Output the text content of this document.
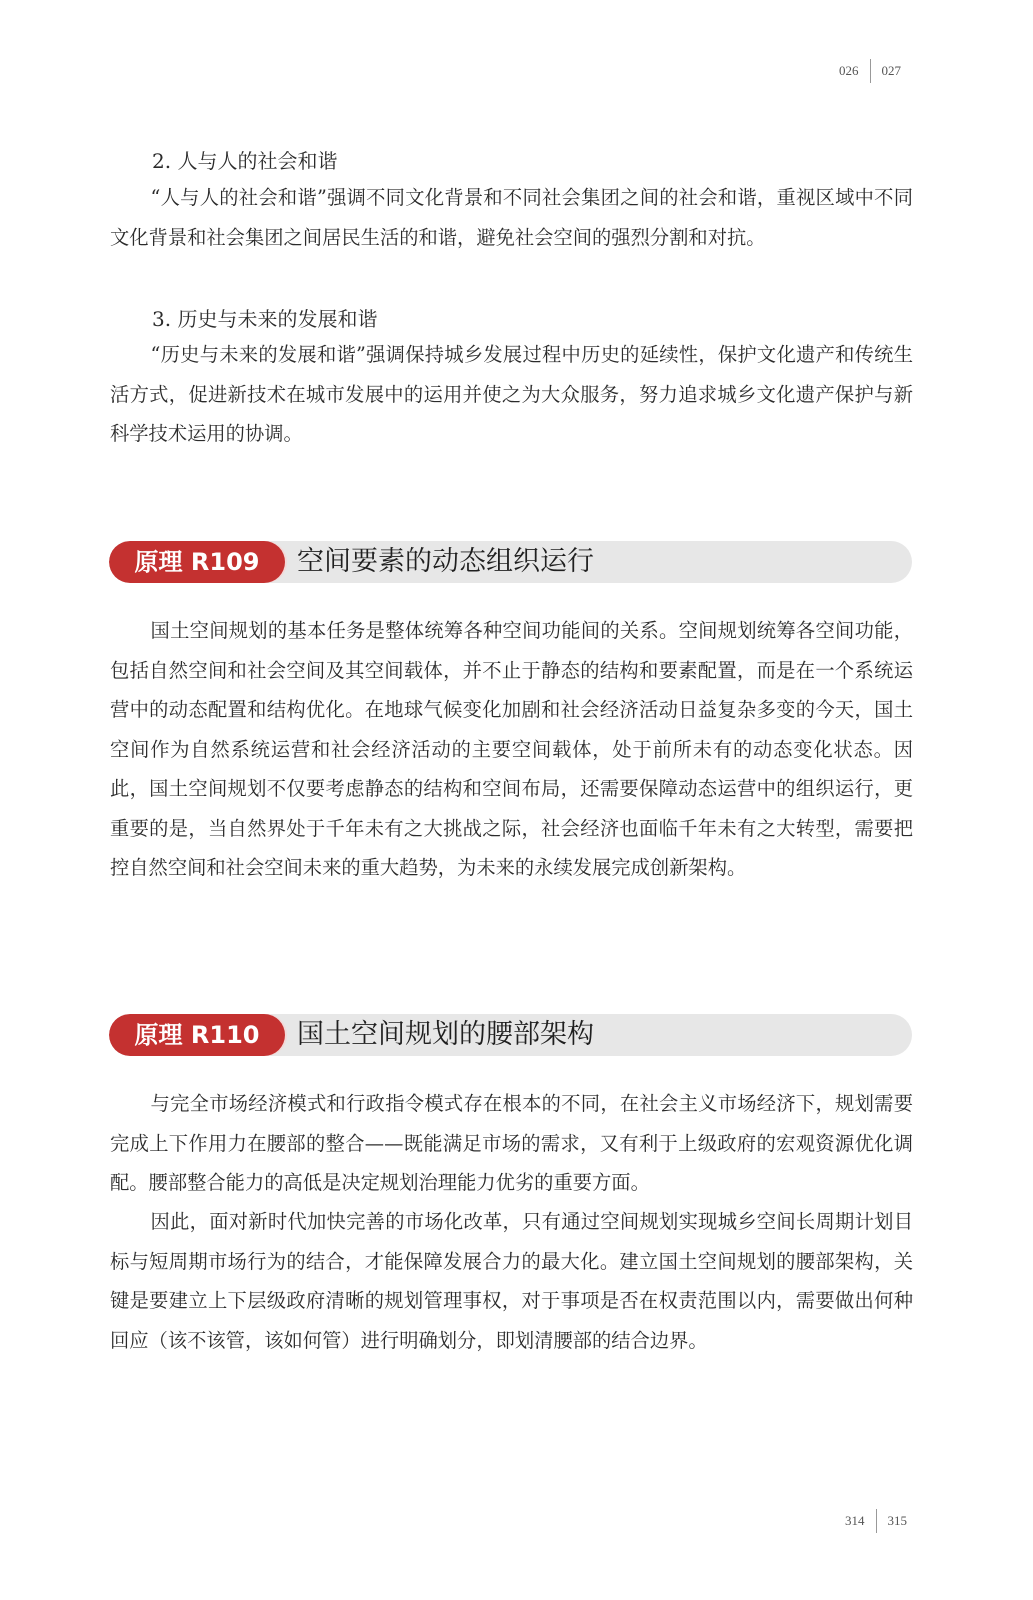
026 027
2. 人与人的社会和谐
“人与人的社会和谐”强调不同文化背景和不同社会集团之间的社会和谐，重视区域中不同文化背景和社会集团之间居民生活的和谐，避免社会空间的强烈分割和对抗。
3. 历史与未来的发展和谐
“历史与未来的发展和谐”强调保持城乡发展过程中历史的延续性，保护文化遗产和传统生活方式，促进新技术在城市发展中的运用并使之为大众服务，努力追求城乡文化遗产保护与新科学技术运用的协调。
原理 R109	空间要素的动态组织运行
国土空间规划的基本任务是整体统筹各种空间功能间的关系。空间规划统筹各空间功能，包括自然空间和社会空间及其空间载体，并不止于静态的结构和要素配置，而是在一个系统运营中的动态配置和结构优化。在地球气候变化加剧和社会经济活动日益复杂多变的今天，国土空间作为自然系统运营和社会经济活动的主要空间载体，处于前所未有的动态变化状态。因此，国土空间规划不仅要考虑静态的结构和空间布局，还需要保障动态运营中的组织运行，更重要的是，当自然界处于千年未有之大挑战之际，社会经济也面临千年未有之大转型，需要把控自然空间和社会空间未来的重大趋势，为未来的永续发展完成创新架构。
原理 R110	国土空间规划的腰部架构
与完全市场经济模式和行政指令模式存在根本的不同，在社会主义市场经济下，规划需要完成上下作用力在腰部的整合——既能满足市场的需求，又有利于上级政府的宏观资源优化调配。腰部整合能力的高低是决定规划治理能力优劣的重要方面。
因此，面对新时代加快完善的市场化改革，只有通过空间规划实现城乡空间长周期计划目标与短周期市场行为的结合，才能保障发展合力的最大化。建立国土空间规划的腰部架构，关键是要建立上下层级政府清晰的规划管理事权，对于事项是否在权责范围以内，需要做出何种回应（该不该管，该如何管）进行明确划分，即划清腰部的结合边界。
314 315
